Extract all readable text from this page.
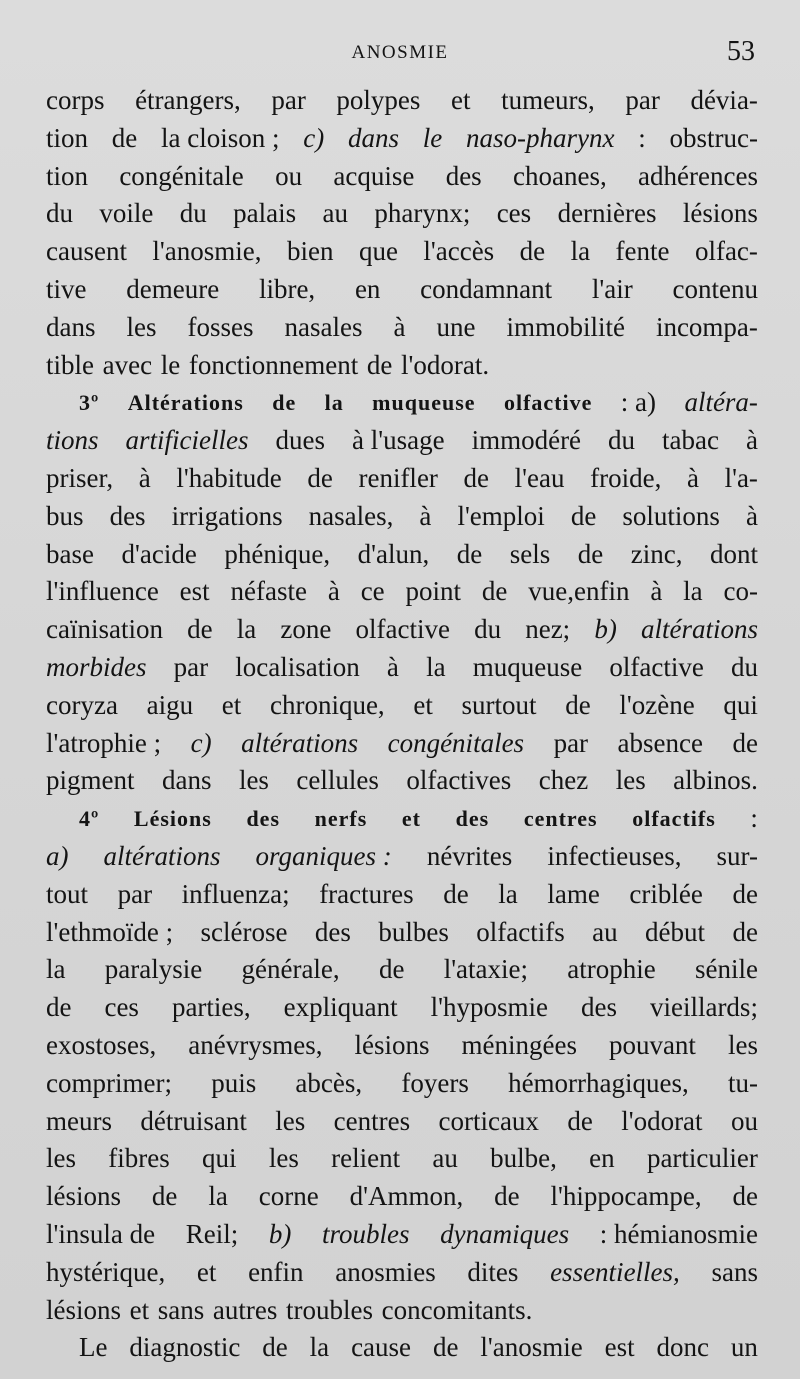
ANOSMIE	53
corps étrangers, par polypes et tumeurs, par dévia-
tion de la cloison ; c) dans le naso-pharynx : obstruc-
tion congénitale ou acquise des choanes, adhérences
du voile du palais au pharynx; ces dernières lésions
causent l'anosmie, bien que l'accès de la fente olfac-
tive demeure libre, en condamnant l'air contenu
dans les fosses nasales à une immobilité incompa-
tible avec le fonctionnement de l'odorat.
3º Altérations de la muqueuse olfactive : a) altéra-
tions artificielles dues à l'usage immodéré du tabac à
priser, à l'habitude de renifler de l'eau froide, à l'a-
bus des irrigations nasales, à l'emploi de solutions à
base d'acide phénique, d'alun, de sels de zinc, dont
l'influence est néfaste à ce point de vue,enfin à la co-
caïnisation de la zone olfactive du nez; b) altérations
morbides par localisation à la muqueuse olfactive du
coryza aigu et chronique, et surtout de l'ozène qui
l'atrophie ; c) altérations congénitales par absence de
pigment dans les cellules olfactives chez les albinos.
4º Lésions des nerfs et des centres olfactifs :
a) altérations organiques : névrites infectieuses, sur-
tout par influenza; fractures de la lame criblée de
l'ethmoïde ; sclérose des bulbes olfactifs au début de
la paralysie générale, de l'ataxie; atrophie sénile
de ces parties, expliquant l'hyposmie des vieillards;
exostoses, anévrysmes, lésions méningées pouvant les
comprimer; puis abcès, foyers hémorrhagiques, tu-
meurs détruisant les centres corticaux de l'odorat ou
les fibres qui les relient au bulbe, en particulier
lésions de la corne d'Ammon, de l'hippocampe, de
l'insula de Reil; b) troubles dynamiques : hémianosmie
hystérique, et enfin anosmies dites essentielles, sans
lésions et sans autres troubles concomitants.
Le diagnostic de la cause de l'anosmie est donc un
